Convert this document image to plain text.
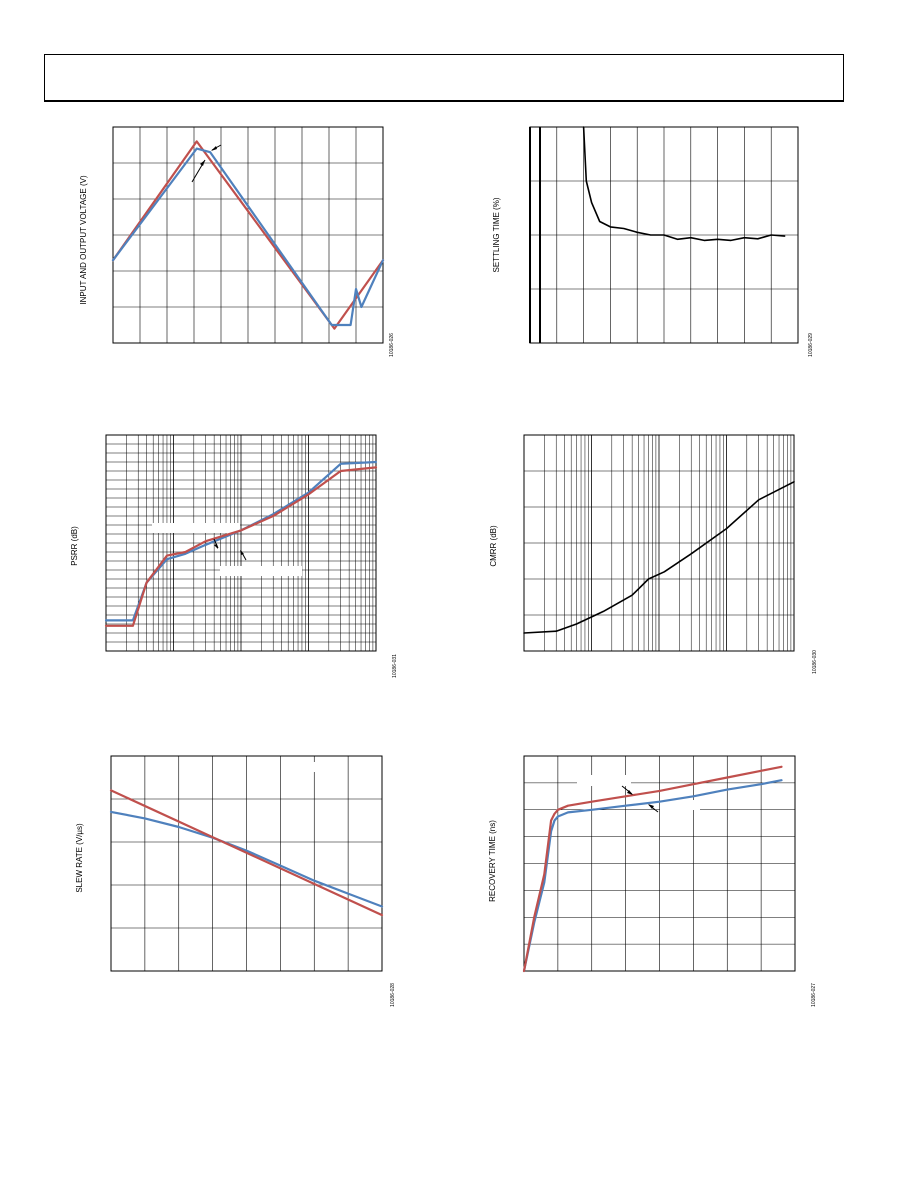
INPUT AND OUTPUT VOLTAGE (V)
10186-026
SETTLING TIME (%)
10186-029
PSRR (dB)
10186-031
CMRR (dB)
10186-030
SLEW RATE (V/µs)
10186-028
RECOVERY TIME (ns)
10186-027
